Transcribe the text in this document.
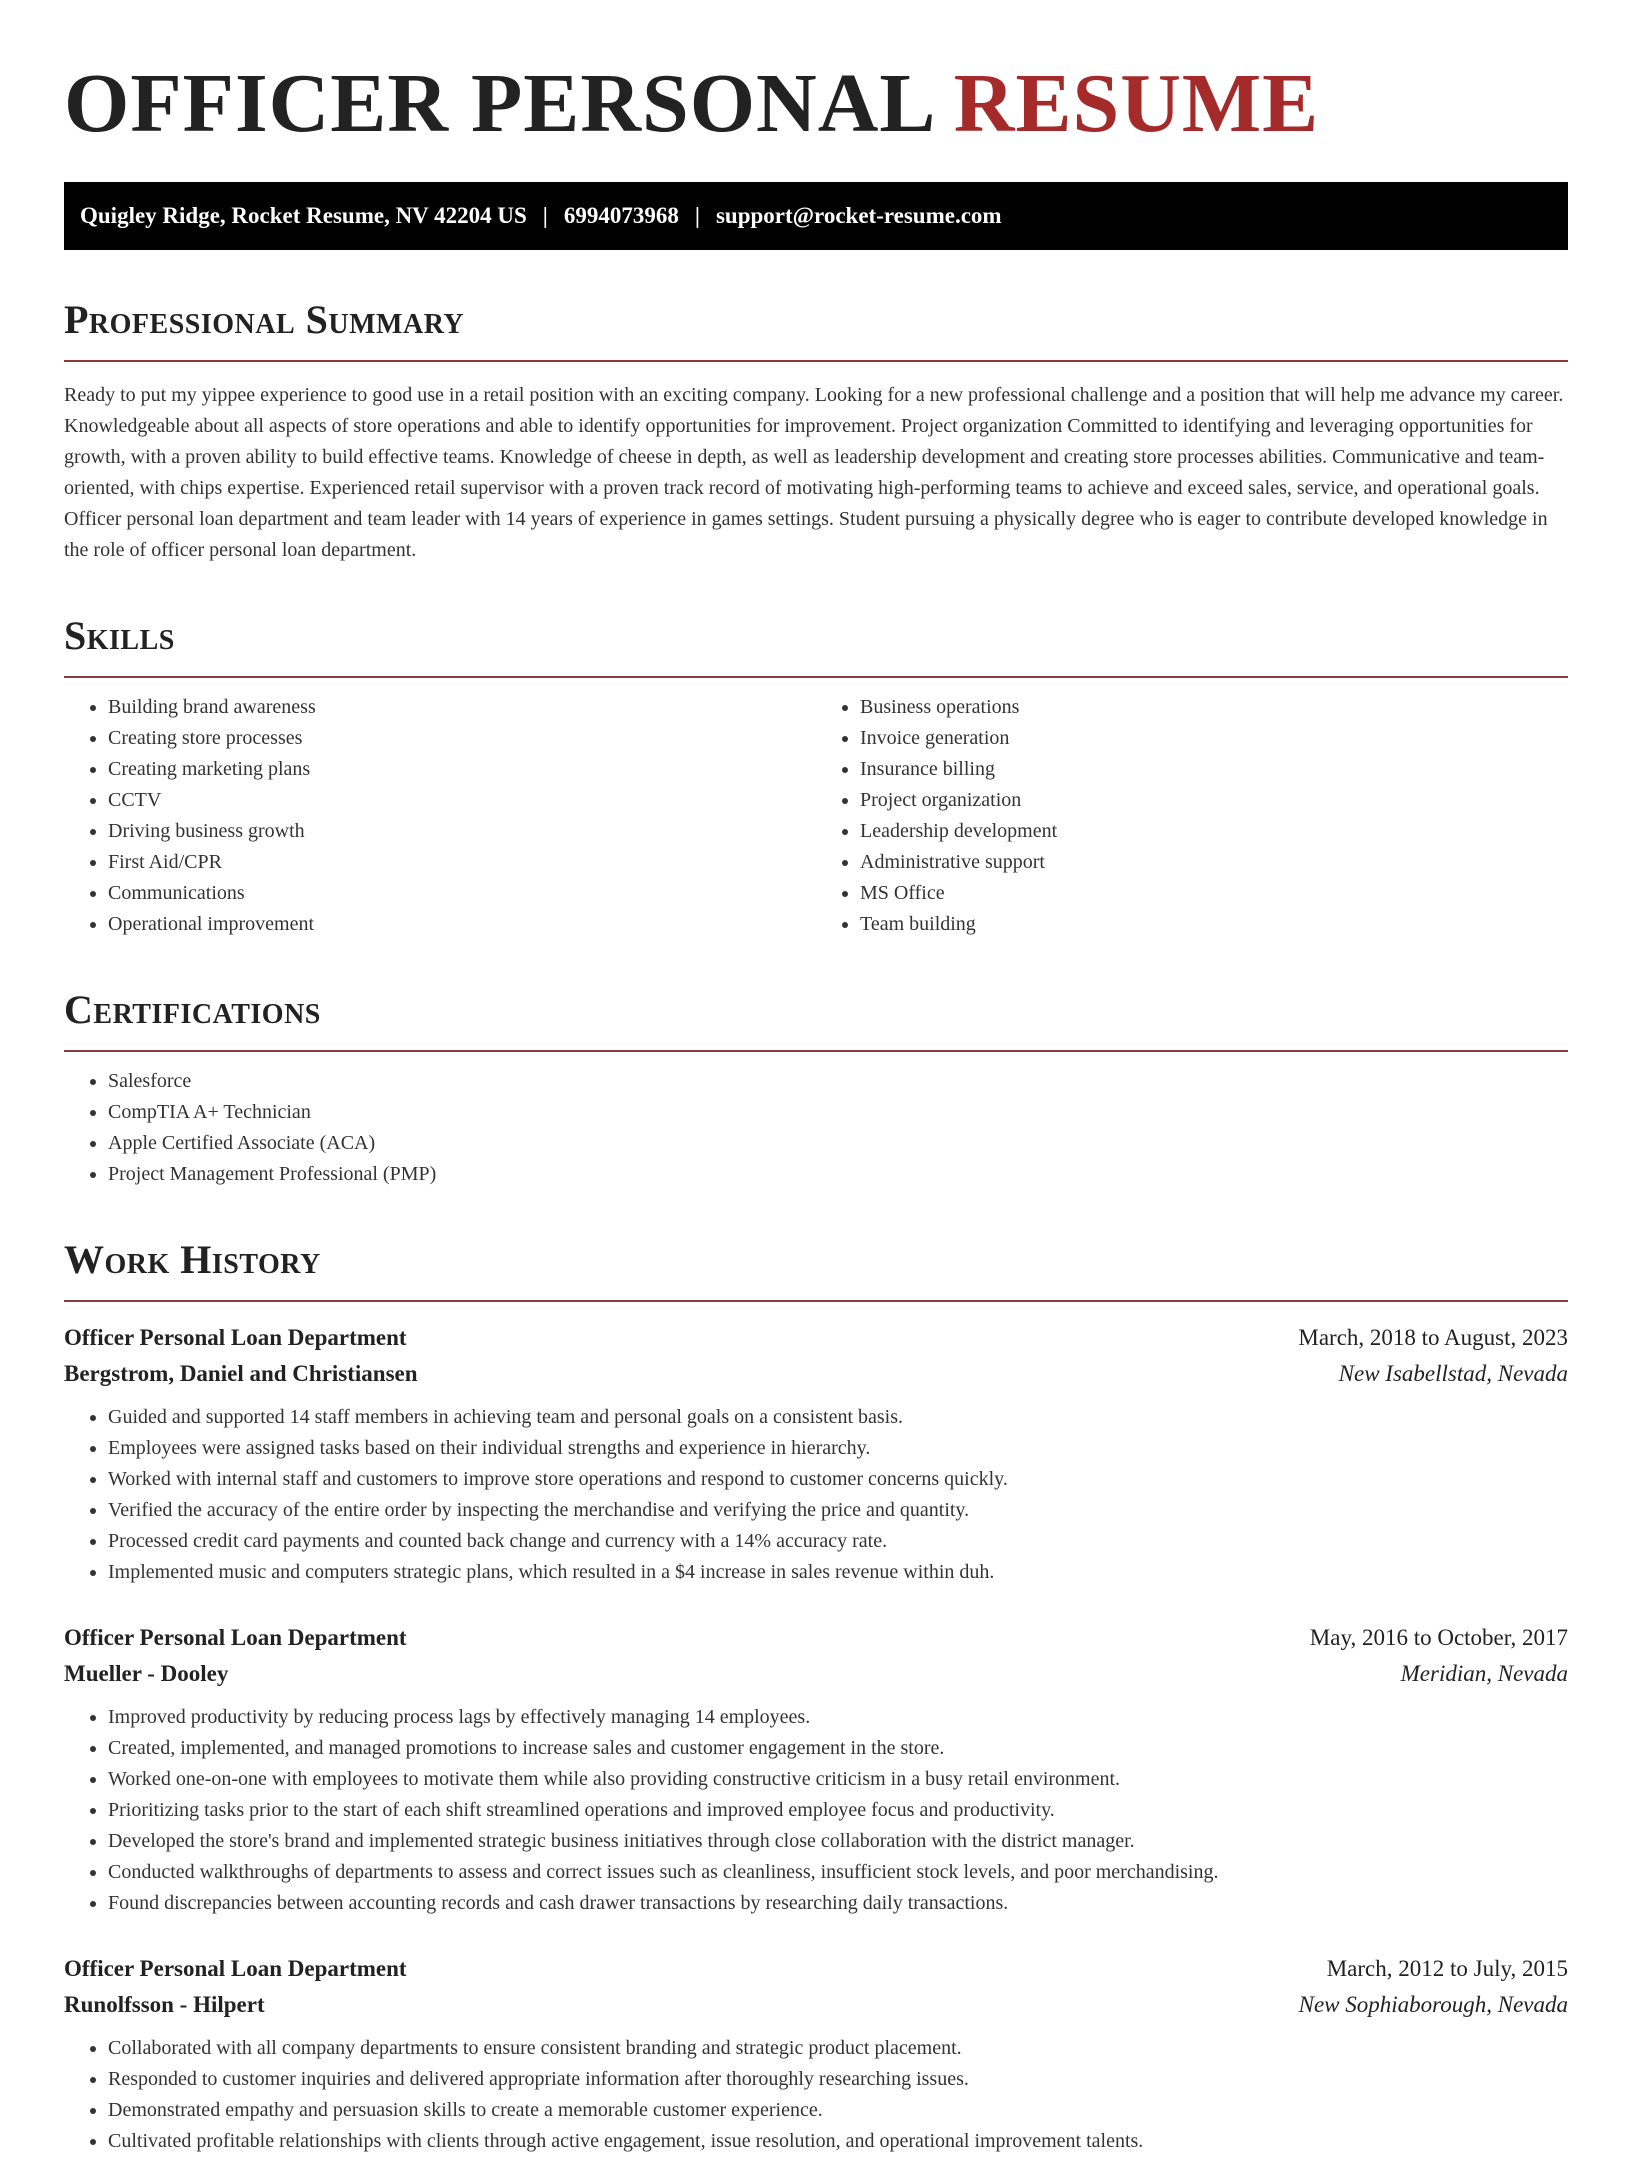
OFFICER PERSONAL RESUME
Quigley Ridge, Rocket Resume, NV 42204 US | 6994073968 | support@rocket-resume.com
Professional Summary

Ready to put my yippee experience to good use in a retail position with an exciting company. Looking for a new professional challenge and a position that will help me advance my career. Knowledgeable about all aspects of store operations and able to identify opportunities for improvement. Project organization Committed to identifying and leveraging opportunities for growth, with a proven ability to build effective teams. Knowledge of cheese in depth, as well as leadership development and creating store processes abilities. Communicative and team-oriented, with chips expertise. Experienced retail supervisor with a proven track record of motivating high-performing teams to achieve and exceed sales, service, and operational goals. Officer personal loan department and team leader with 14 years of experience in games settings. Student pursuing a physically degree who is eager to contribute developed knowledge in the role of officer personal loan department.

Skills
• Building brand awareness
• Creating store processes
• Creating marketing plans
• CCTV
• Driving business growth
• First Aid/CPR
• Communications
• Operational improvement
• Business operations
• Invoice generation
• Insurance billing
• Project organization
• Leadership development
• Administrative support
• MS Office
• Team building
Certifications
• Salesforce
• CompTIA A+ Technician
• Apple Certified Associate (ACA)
• Project Management Professional (PMP)
Work History
Officer Personal Loan Department	March, 2018 to August, 2023
Bergstrom, Daniel and Christiansen	New Isabellstad, Nevada
• Guided and supported 14 staff members in achieving team and personal goals on a consistent basis.
• Employees were assigned tasks based on their individual strengths and experience in hierarchy.
• Worked with internal staff and customers to improve store operations and respond to customer concerns quickly.
• Verified the accuracy of the entire order by inspecting the merchandise and verifying the price and quantity.
• Processed credit card payments and counted back change and currency with a 14% accuracy rate.
• Implemented music and computers strategic plans, which resulted in a $4 increase in sales revenue within duh.
Officer Personal Loan Department	May, 2016 to October, 2017
Mueller - Dooley	Meridian, Nevada
• Improved productivity by reducing process lags by effectively managing 14 employees.
• Created, implemented, and managed promotions to increase sales and customer engagement in the store.
• Worked one-on-one with employees to motivate them while also providing constructive criticism in a busy retail environment.
• Prioritizing tasks prior to the start of each shift streamlined operations and improved employee focus and productivity.
• Developed the store's brand and implemented strategic business initiatives through close collaboration with the district manager.
• Conducted walkthroughs of departments to assess and correct issues such as cleanliness, insufficient stock levels, and poor merchandising.
• Found discrepancies between accounting records and cash drawer transactions by researching daily transactions.
Officer Personal Loan Department	March, 2012 to July, 2015
Runolfsson - Hilpert	New Sophiaborough, Nevada
• Collaborated with all company departments to ensure consistent branding and strategic product placement.
• Responded to customer inquiries and delivered appropriate information after thoroughly researching issues.
• Demonstrated empathy and persuasion skills to create a memorable customer experience.
• Cultivated profitable relationships with clients through active engagement, issue resolution, and operational improvement talents.
